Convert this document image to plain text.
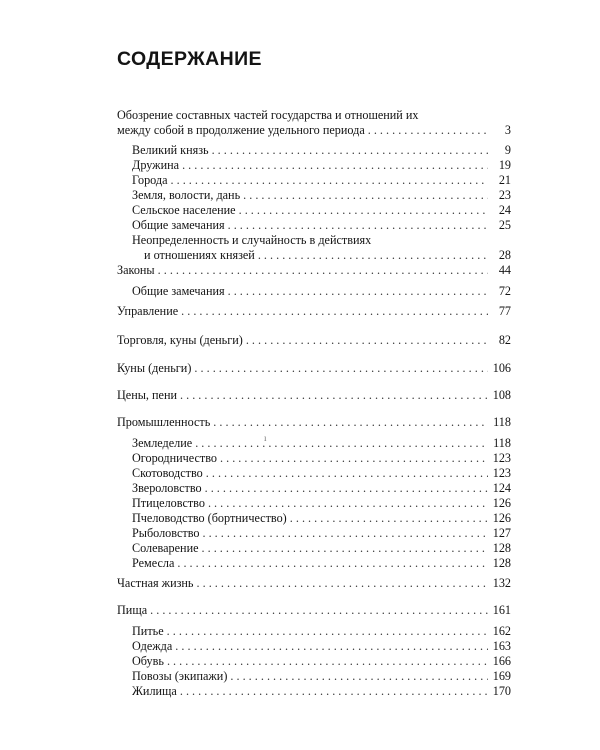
СОДЕРЖАНИЕ
Обозрение составных частей государства и отношений их
между собой в продолжение удельного периода . . .	3
Великий князь . . .	9
Дружина . . .	19
Города . . .	21
Земля, волости, дань . . .	23
Сельское население . . .	24
Общие замечания . . .	25
Неопределенность и случайность в действиях
и отношениях князей . . .	28
Законы . . .	44
Общие замечания . . .	72
Управление . . .	77
Торговля, куны (деньги) . . .	82
Куны (деньги) . . .	106
Цены, пени . . .	108
Промышленность . . .	118
Земледелие . . .	118
Огородничество . . .	123
Скотоводство . . .	123
Звероловство . . .	124
Птицеловство . . .	126
Пчеловодство (бортничество) . . .	126
Рыболовство . . .	127
Солеварение . . .	128
Ремесла . . .	128
Частная жизнь . . .	132
Пища . . .	161
Питье . . .	162
Одежда . . .	163
Обувь . . .	166
Повозы (экипажи) . . .	169
Жилища . . .	170
ı
